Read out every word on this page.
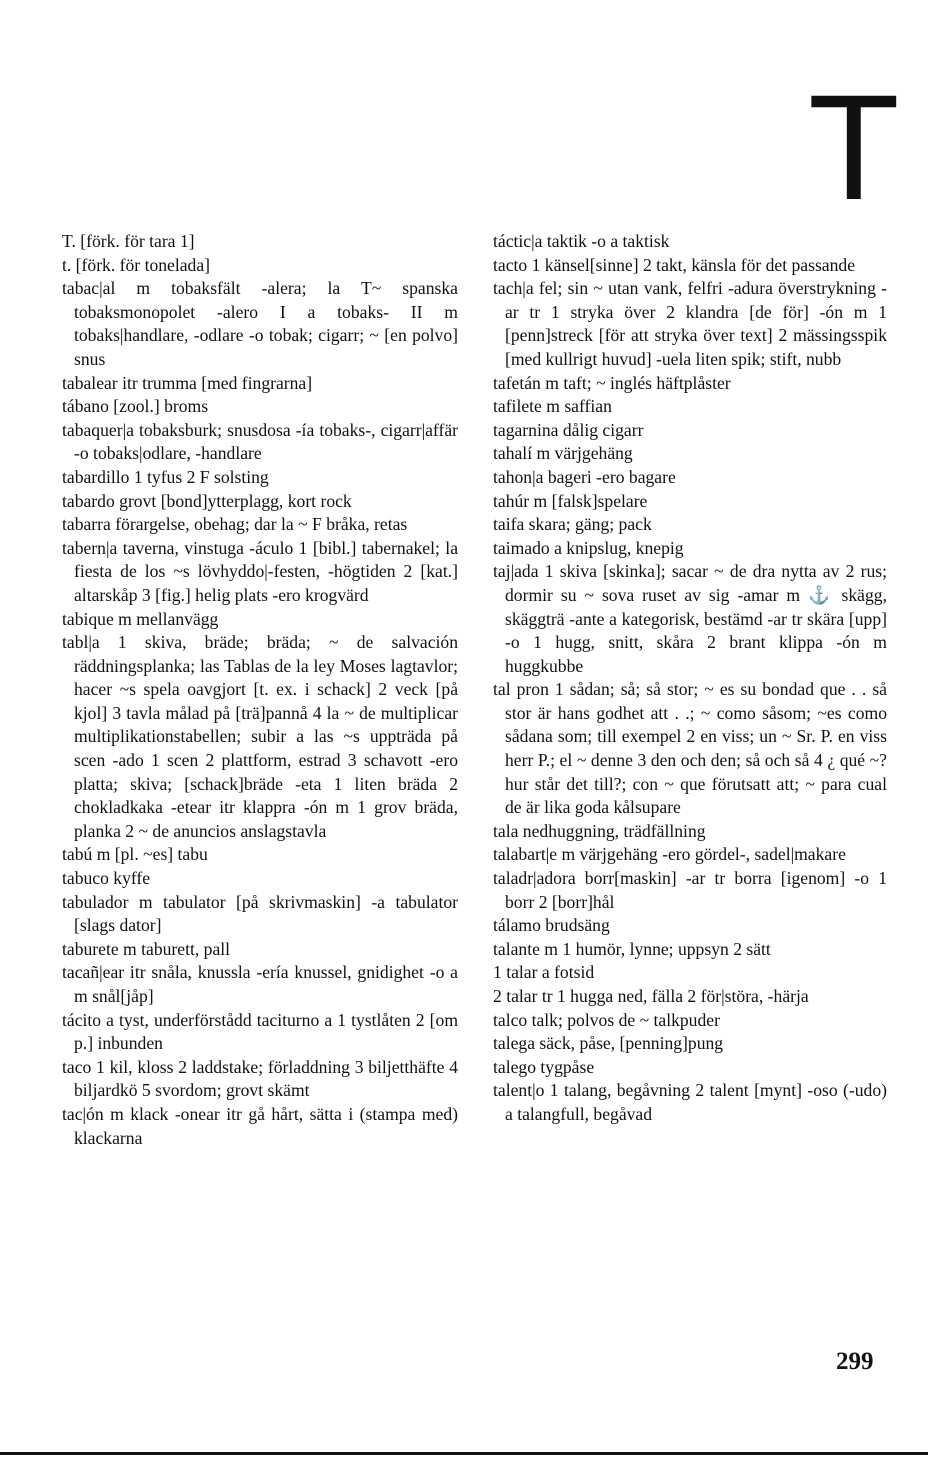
T

T. [förk. för tara 1]

t. [förk. för tonelada]

tabac|al m tobaksfält -alera; la T~ spanska tobaksmonopolet -alero I a tobaks- II m tobaks|handlare, -odlare -o tobak; cigarr; ~ [en polvo] snus

tabalear itr trumma [med fingrarna]

tábano [zool.] broms

tabaquer|a tobaksburk; snusdosa -ía tobaks-, cigarr|affär -o tobaks|odlare, -handlare

tabardillo 1 tyfus 2 F solsting

tabardo grovt [bond]ytterplagg, kort rock

tabarra förargelse, obehag; dar la ~ F bråka, retas

tabern|a taverna, vinstuga -áculo 1 [bibl.] tabernakel; la fiesta de los ~s lövhyddo|-festen, -högtiden 2 [kat.] altarskåp 3 [fig.] helig plats -ero krogvärd

tabique m mellanvägg

tabl|a 1 skiva, bräde; bräda; ~ de salvación räddningsplanka; las Tablas de la ley Moses lagtavlor; hacer ~s spela oavgjort [t. ex. i schack] 2 veck [på kjol] 3 tavla målad på [trä]pannå 4 la ~ de multiplicar multiplikationstabellen; subir a las ~s uppträda på scen -ado 1 scen 2 plattform, estrad 3 schavott -ero platta; skiva; [schack]bräde -eta 1 liten bräda 2 chokladkaka -etear itr klappra -ón m 1 grov bräda, planka 2 ~ de anuncios anslagstavla

tabú m [pl. ~es] tabu

tabuco kyffe

tabulador m tabulator [på skrivmaskin] -a tabulator [slags dator]

taburete m taburett, pall

tacañ|ear itr snåla, knussla -ería knussel, gnidighet -o a m snål[jåp]

tácito a tyst, underförstådd taciturno a 1 tystlåten 2 [om p.] inbunden

taco 1 kil, kloss 2 laddstake; förladdning 3 biljetthäfte 4 biljardkö 5 svordom; grovt skämt

tac|ón m klack -onear itr gå hårt, sätta i (stampa med) klackarna

táctic|a taktik -o a taktisk

tacto 1 känsel[sinne] 2 takt, känsla för det passande

tach|a fel; sin ~ utan vank, felfri -adura överstrykning -ar tr 1 stryka över 2 klandra [de för] -ón m 1 [penn]streck [för att stryka över text] 2 mässingsspik [med kullrigt huvud] -uela liten spik; stift, nubb

tafetán m taft; ~ inglés häftplåster

tafilete m saffian

tagarnina dålig cigarr

tahalí m värjgehäng

tahon|a bageri -ero bagare

tahúr m [falsk]spelare

taifa skara; gäng; pack

taimado a knipslug, knepig

taj|ada 1 skiva [skinka]; sacar ~ de dra nytta av 2 rus; dormir su ~ sova ruset av sig -amar m ⚓ skägg, skäggträ -ante a kategorisk, bestämd -ar tr skära [upp] -o 1 hugg, snitt, skåra 2 brant klippa -ón m huggkubbe

tal pron 1 sådan; så; så stor; ~ es su bondad que . . så stor är hans godhet att . .; ~ como såsom; ~es como sådana som; till exempel 2 en viss; un ~ Sr. P. en viss herr P.; el ~ denne 3 den och den; så och så 4 ¿ qué ~? hur står det till?; con ~ que förutsatt att; ~ para cual de är lika goda kålsupare

tala nedhuggning, trädfällning

talabart|e m värjgehäng -ero gördel-, sadel|makare

taladr|adora borr[maskin] -ar tr borra [igenom] -o 1 borr 2 [borr]hål

tálamo brudsäng

talante m 1 humör, lynne; uppsyn 2 sätt

1 talar a fotsid

2 talar tr 1 hugga ned, fälla 2 för|störa, -härja

talco talk; polvos de ~ talkpuder

talega säck, påse, [penning]pung

talego tygpåse

talent|o 1 talang, begåvning 2 talent [mynt] -oso (-udo) a talangfull, begåvad

299
